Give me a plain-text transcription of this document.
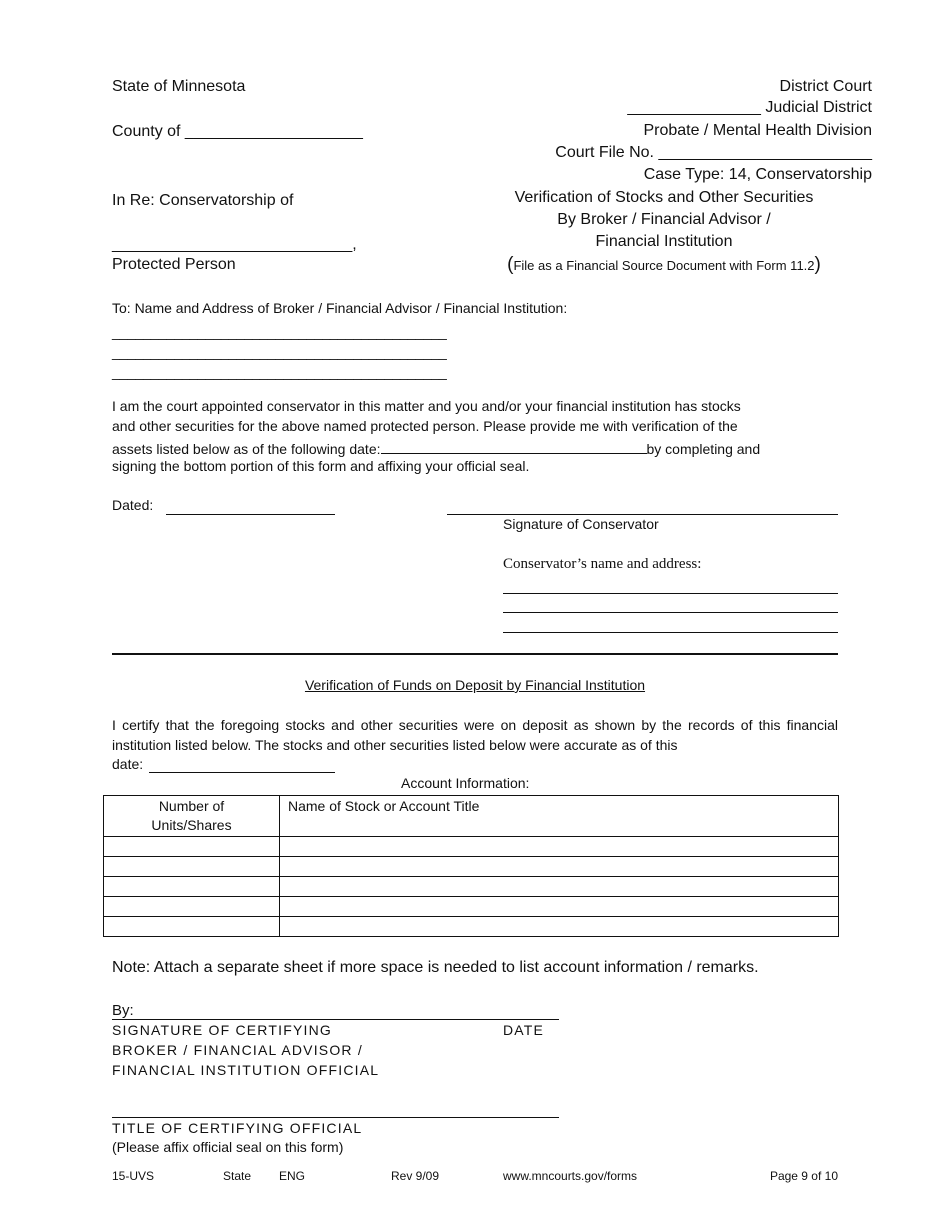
State of Minnesota
County of ____________________
District Court
_______________ Judicial District
Probate / Mental Health Division
Court File No. ________________________
Case Type: 14, Conservatorship
In Re: Conservatorship of
___________________________,
Protected Person
Verification of Stocks and Other Securities
By Broker / Financial Advisor /
Financial Institution
(File as a Financial Source Document with Form 11.2)
To: Name and Address of Broker / Financial Advisor / Financial Institution:
___________________________________________
___________________________________________
___________________________________________
I am the court appointed conservator in this matter and you and/or your financial institution has stocks
and other securities for the above named protected person. Please provide me with verification of the
assets listed below as of the following date:	by completing and
signing the bottom portion of this form and affixing your official seal.
Dated:
Signature of Conservator
Conservator’s name and address:
Verification of Funds on Deposit by Financial Institution
I certify that the foregoing stocks and other securities were on deposit as shown by the records of this financial institution listed below. The stocks and other securities listed below were accurate as of this
date:
Account Information:
Number of
Units/Shares	Name of Stock or Account Title

Note: Attach a separate sheet if more space is needed to list account information / remarks.
By:
SIGNATURE OF CERTIFYING	DATE
BROKER / FINANCIAL ADVISOR /
FINANCIAL INSTITUTION OFFICIAL
TITLE OF CERTIFYING OFFICIAL
(Please affix official seal on this form)
15-UVS	State ENG	Rev 9/09	www.mncourts.gov/forms	Page 9 of 10
